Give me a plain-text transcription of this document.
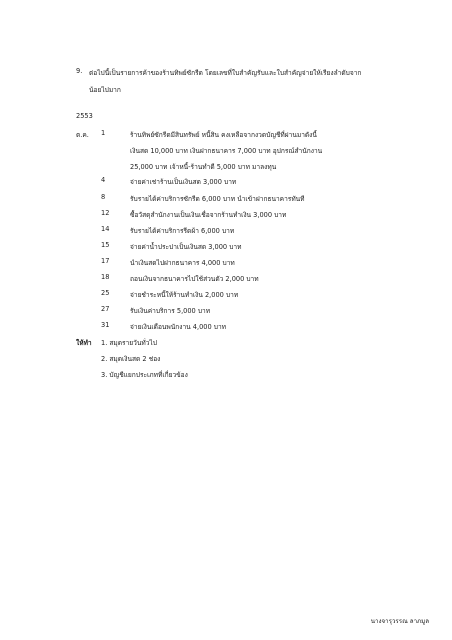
9. ต่อไปนี้เป็นรายการค้าของร้านทิพย์ซักรีด โดยเลขที่ใบสำคัญรับและใบสำคัญจ่ายให้เรียงลำดับจาก
น้อยไปมาก
2553
ต.ค. 1	ร้านทิพย์ซักรีดมีสินทรัพย์ หนี้สิน คงเหลือจากงวดบัญชีที่ผ่านมาดังนี้
เงินสด 10,000 บาท เงินฝากธนาคาร 7,000 บาท อุปกรณ์สำนักงาน
25,000 บาท เจ้าหนี้-ร้านทำดี 5,000 บาท มาลงทุน
4	จ่ายค่าเช่าร้านเป็นเงินสด 3,000 บาท
8	รับรายได้ค่าบริการซักรีด 6,000 บาท นำเข้าฝากธนาคารทันที
12	ซื้อวัสดุสำนักงานเป็นเงินเชื่อจากร้านทำเงิน 3,000 บาท
14	รับรายได้ค่าบริการรีดผ้า 6,000 บาท
15	จ่ายค่าน้ำประปาเป็นเงินสด 3,000 บาท
17	นำเงินสดไปฝากธนาคาร 4,000 บาท
18	ถอนเงินจากธนาคารไปใช้ส่วนตัว 2,000 บาท
25	จ่ายชำระหนี้ให้ร้านทำเงิน 2,000 บาท
27	รับเงินค่าบริการ 5,000 บาท
31	จ่ายเงินเดือนพนักงาน 4,000 บาท
ให้ทำ 1. สมุดรายวันทั่วไป
2. สมุดเงินสด 2 ช่อง
3. บัญชีแยกประเภทที่เกี่ยวข้อง
นางจารุวรรณ ลาภมูล
